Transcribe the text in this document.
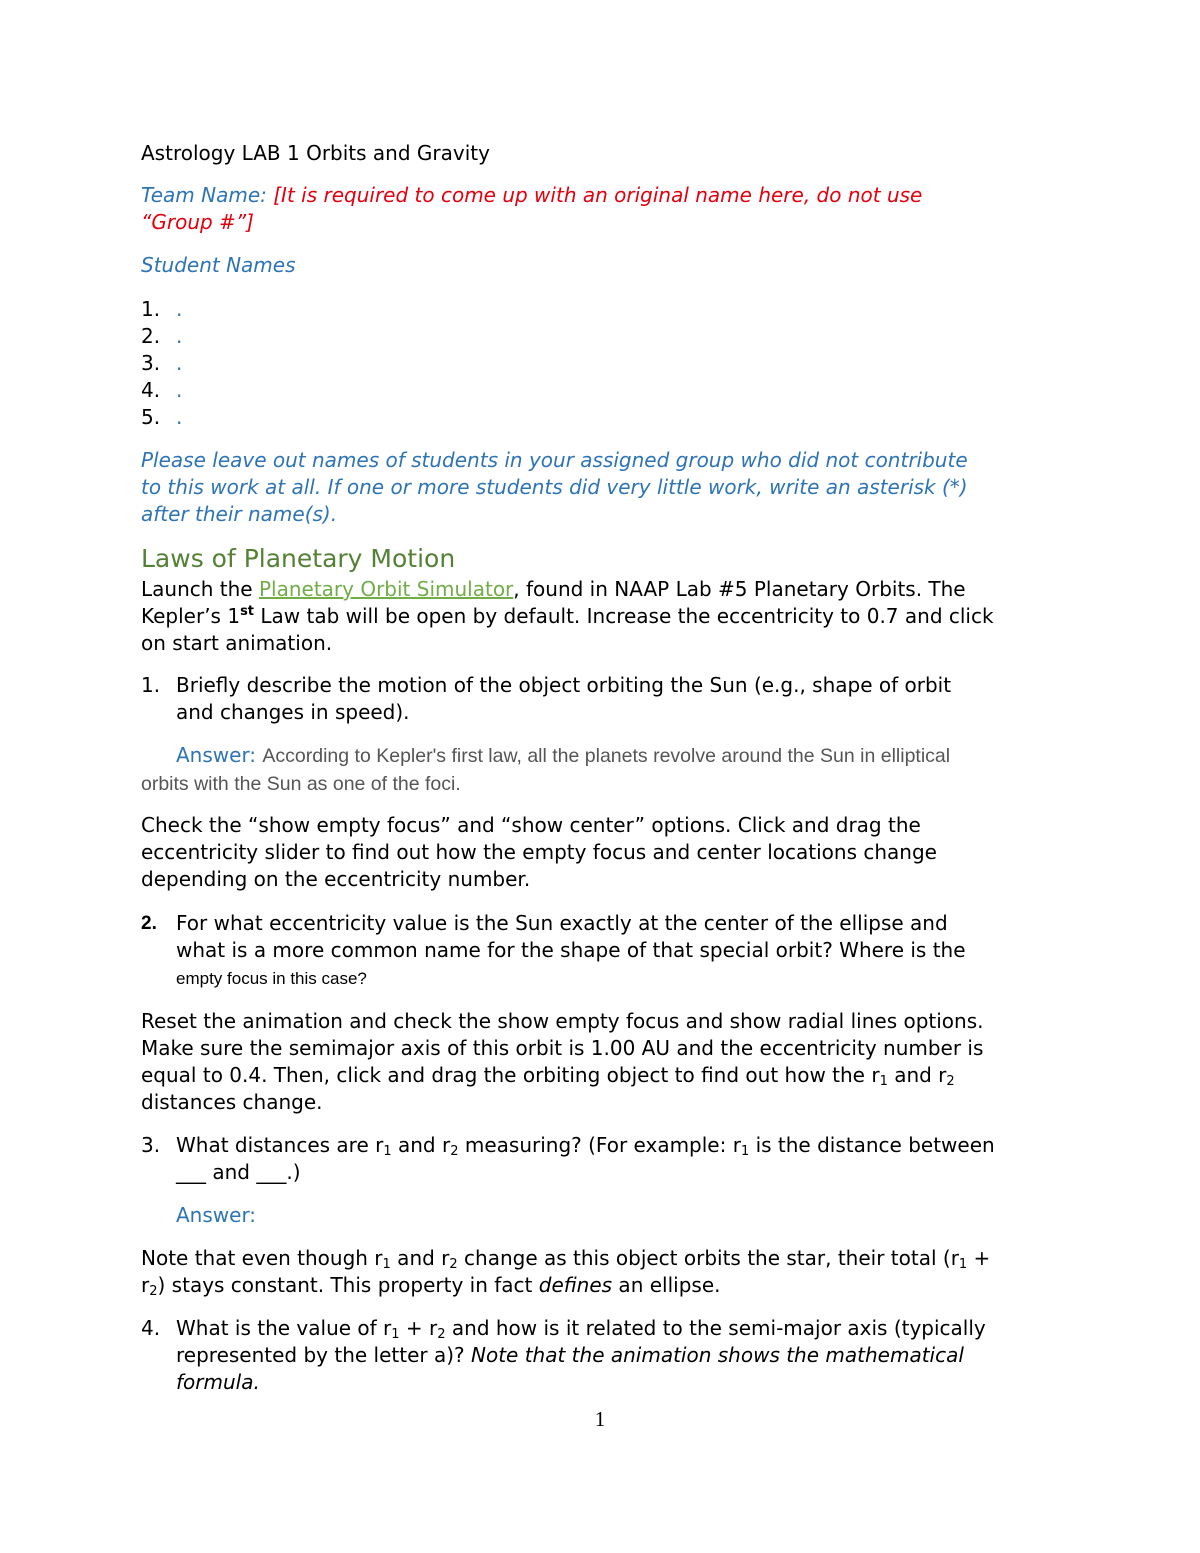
Astrology LAB 1 Orbits and Gravity

Team Name: [It is required to come up with an original name here, do not use
“Group #”]

Student Names

1. .
2. .
3. .
4. .
5. .

Please leave out names of students in your assigned group who did not contribute
to this work at all. If one or more students did very little work, write an asterisk (*)
after their name(s).

Laws of Planetary Motion

Launch the Planetary Orbit Simulator, found in NAAP Lab #5 Planetary Orbits. The
Kepler’s 1st Law tab will be open by default. Increase the eccentricity to 0.7 and click
on start animation.

1. Briefly describe the motion of the object orbiting the Sun (e.g., shape of orbit
and changes in speed).

Answer: According to Kepler's first law, all the planets revolve around the Sun in elliptical
orbits with the Sun as one of the foci.

Check the “show empty focus” and “show center” options. Click and drag the
eccentricity slider to find out how the empty focus and center locations change
depending on the eccentricity number.

2. For what eccentricity value is the Sun exactly at the center of the ellipse and
what is a more common name for the shape of that special orbit? Where is the
empty focus in this case?

Reset the animation and check the show empty focus and show radial lines options.
Make sure the semimajor axis of this orbit is 1.00 AU and the eccentricity number is
equal to 0.4. Then, click and drag the orbiting object to find out how the $r_1$ and $r_2$
distances change.

3. What distances are $r_1$ and $r_2$ measuring? (For example: $r_1$ is the distance between
___ and ___.)

Answer:

Note that even though $r_1$ and $r_2$ change as this object orbits the star, their total ($r_1$ +
$r_2$) stays constant. This property in fact defines an ellipse.

4. What is the value of $r_1 + r_2$ and how is it related to the semi-major axis (typically
represented by the letter a)? Note that the animation shows the mathematical
formula.
1
